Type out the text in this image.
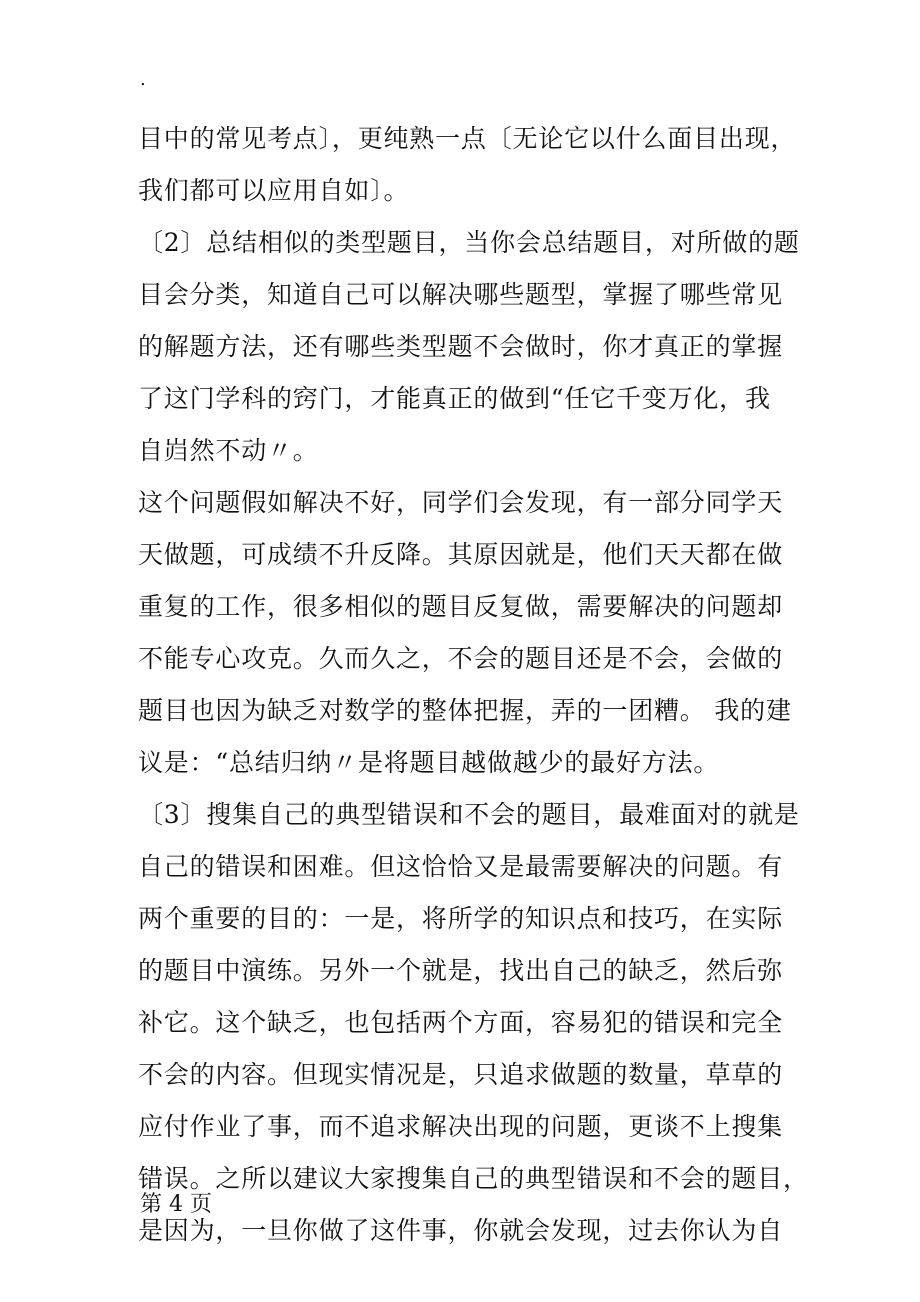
.
目中的常见考点〕，更纯熟一点〔无论它以什么面目出现，
我们都可以应用自如〕。
〔2〕总结相似的类型题目，当你会总结题目，对所做的题
目会分类，知道自己可以解决哪些题型，掌握了哪些常见
的解题方法，还有哪些类型题不会做时，你才真正的掌握
了这门学科的窍门，才能真正的做到“任它千变万化，我
自岿然不动〃。
这个问题假如解决不好，同学们会发现，有一部分同学天
天做题，可成绩不升反降。其原因就是，他们天天都在做
重复的工作，很多相似的题目反复做，需要解决的问题却
不能专心攻克。久而久之，不会的题目还是不会，会做的
题目也因为缺乏对数学的整体把握，弄的一团糟。 我的建
议是：“总结归纳〃是将题目越做越少的最好方法。
〔3〕搜集自己的典型错误和不会的题目，最难面对的就是
自己的错误和困难。但这恰恰又是最需要解决的问题。有
两个重要的目的：一是，将所学的知识点和技巧，在实际
的题目中演练。另外一个就是，找出自己的缺乏，然后弥
补它。这个缺乏，也包括两个方面，容易犯的错误和完全
不会的内容。但现实情况是，只追求做题的数量，草草的
应付作业了事，而不追求解决出现的问题，更谈不上搜集
错误。之所以建议大家搜集自己的典型错误和不会的题目，
是因为，一旦你做了这件事，你就会发现，过去你认为自
第 4 页
